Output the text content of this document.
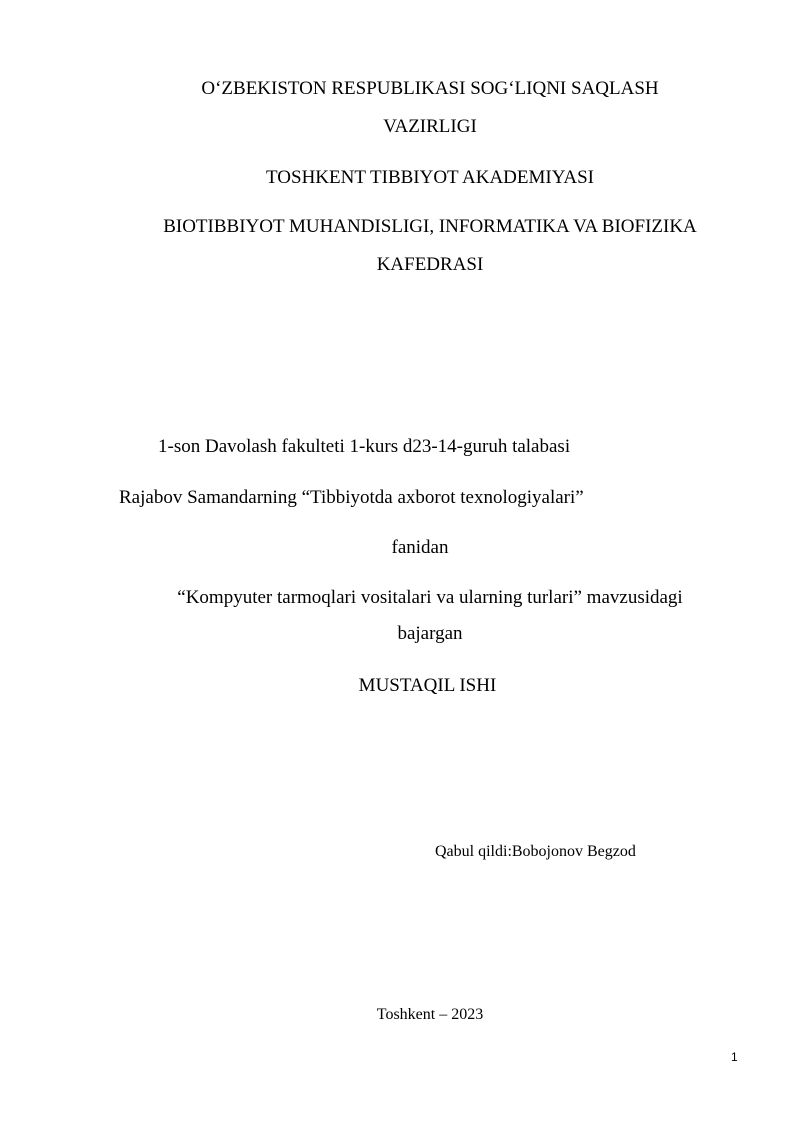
O‘ZBEKISTON RESPUBLIKASI SOG‘LIQNI SAQLASH
VAZIRLIGI
TOSHKENT TIBBIYOT AKADEMIYASI
BIOTIBBIYOT MUHANDISLIGI, INFORMATIKA VA BIOFIZIKA
KAFEDRASI
1-son Davolash fakulteti 1-kurs d23-14-guruh talabasi
Rajabov Samandarning “Tibbiyotda axborot texnologiyalari”
fanidan
“Kompyuter tarmoqlari vositalari va ularning turlari” mavzusidagi
bajargan
MUSTAQIL ISHI
Qabul qildi:Bobojonov Begzod
Toshkent – 2023
1
